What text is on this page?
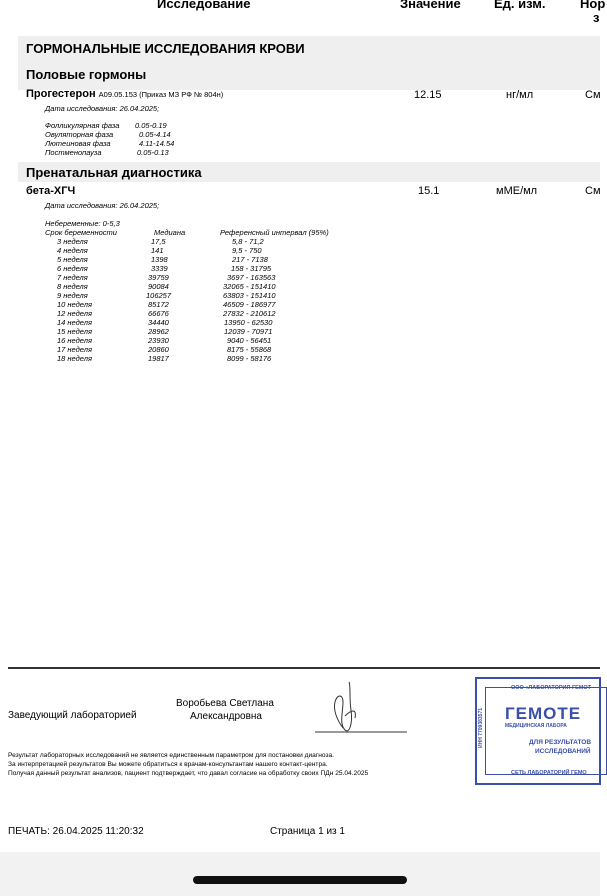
Исследование	Значение	Ед. изм.	Нор
з
ГОРМОНАЛЬНЫЕ ИССЛЕДОВАНИЯ КРОВИ
Половые гормоны
Прогестерон А09.05.153 (Приказ МЗ РФ № 804н)	12.15	нг/мл	См
Дата исследования: 26.04.2025;
Фолликулярная фаза 0.05-0.19
Овуляторная фаза	0.05-4.14
Лютеиновая фаза	4.11-14.54
Постменопауза	0.05-0.13
Пренатальная диагностика
бета-ХГЧ	15.1	мМЕ/мл	См
Дата исследования: 26.04.2025;
Небеременные: 0-5,3
Срок беременности	Медиана	Референсный интервал (95%)
3 неделя	17,5	5,8 - 71,2
4 неделя	141	9,5 - 750
5 неделя	1398	217 - 7138
6 неделя	3339	158 - 31795
7 неделя	39759	3697 - 163563
8 неделя	90084	32065 - 151410
9 неделя	106257	63803 - 151410
10 неделя	85172	46509 - 186977
12 неделя	66676	27832 - 210612
14 неделя	34440	13950 - 62530
15 неделя	28962	12039 - 70971
16 неделя	23930	9040 - 56451
17 неделя	20860	8175 - 55868
18 неделя	19817	8099 - 58176
Заведующий лабораторией
Воробьева Светлана
Александровна
Результат лабораторных исследований не является единственным параметром для постановки диагноза.
За интерпретацией результатов Вы можете обратиться к врачам-консультантам нашего контакт-центра.
Получая данный результат анализов, пациент подтверждает, что давал согласие на обработку своих ПДн 25.04.2025
ООО «ЛАБОРАТОРИЯ ГЕМОТ
ИНН 7709383571 ГЕМОТЕ
МЕДИЦИНСКАЯ ЛАБОРА
ДЛЯ РЕЗУЛЬТАТОВ
ИССЛЕДОВАНИЙ
СЕТЬ ЛАБОРАТОРИЙ ГЕМО
ПЕЧАТЬ: 26.04.2025 11:20:32	Страница 1 из 1
